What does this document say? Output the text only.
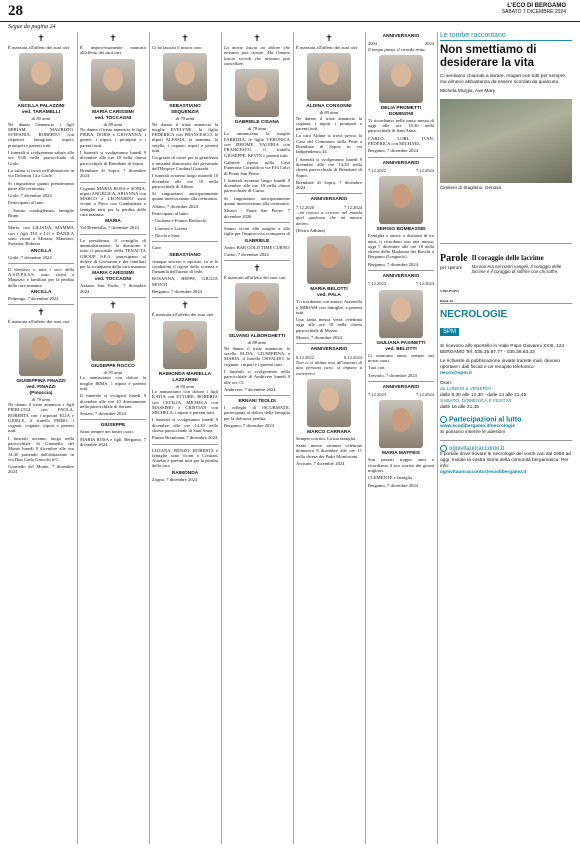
28	L'ECO DI BERGAMO
SABATO 7 DICEMBRE 2024
Segue da pagina 24
✝

È mancata all'affetto dei suoi cari

ANCILLA PALAZZINI
ved. TARAMELLI
di 85 anni

Ne danno l'annuncio i figli MIRIAM, MAURIZIO, STEFANIA, ROBERTO con rispettivi famigliari, nipoti, pronipoti e parenti tutti.

I funerali si svolgeranno sabato alle ore 9,00 nella parrocchiale di Gorle.

La salma si trova nell'abitazione in via Dolomiti 14 a Gorle.

Si ringraziano quanti prenderanno parte alla cerimonia.

Gorle, 7 dicembre 2024

Partecipano al lutto

- Sonito condoglianza, famiglie Bruni

Mario, con LILIANA, MAMMA con i figli TIA e LO e DANILA sono vicini a Miriam, Maurizio, Stefania, Roberto

ANCILLA

Gorle, 7 dicembre 2024

Il direttivo e tutti i soci della A.S.D.P.S.S.S. sono vicini a Maurizio e familiari per la perdita della cara mamma

ANCILLA

Pedrengo, 7 dicembre 2024

✝

È mancata all'affetto dei suoi cari

GIUSEPPINA FINAZZI
ved. FINAZZI
(Pinuccia)
di 79 anni

Ne danno il triste annuncio i figli PIERLUIGI con PAOLA, ROBERTA con i nipotini ELIA e GIOELE, il fratello PIERO, i cognati, cognate, nipoti e parenti tutti.

I funerali avranno luogo nella parrocchiale di Grumello del Monte lunedì 9 dicembre alle ore 14,30 partendo dall'abitazione in via Don Carlo Gnocchi 6/C.

Gromello del Monte, 7 dicembre 2024

✝

È improvvisamente mancato all'affetto dei suoi cari

MARIA CARISSIMI
ved. TOCCAGNI
di 89 anni

Ne danno il triste annuncio le figlie PIERA, DORIS e GIOVANNA, i generi, i nipoti, i pronipoti e i parenti tutti.

I funerali si svolgeranno lunedì 9 dicembre alle ore 10 nella chiesa parrocchiale di Brembate di Sopra.

Brembate di Sopra, 7 dicembre 2024

Cognate MARIA ROSA e SONIA, nipoti ANGELICA, ARIANNA con MARCO e LEONARDO sono vicine a Piera con Gianbattista e famiglie tutti per la perdita della cara mamma

MARIA

Val Brembilla, 7 dicembre 2024

La presidenza, il consiglio di amministrazione, la direzione e tutto il personale della TENACTA GROUP S.P.A. partecipano al dolore di Giovanna e dei familiari per la scomparsa della cara mamma

MARIA CARISSIMI
ved. TOCCAGNI

Azzano San Paolo, 7 dicembre 2024

✝
GIUSEPPE ROCCO
di 95 anni

Lo annunciano con dolore la moglie IRMA, i nipoti e parenti tutti.

Il funerale si svolgerà lunedì 9 dicembre alle ore 10 direttamente nella parrocchiale di Seriate.

Seriate, 7 dicembre 2024

GIUSEPPE

Sarai sempre nei nostri cuori.

MARIA ROSA e figli. Bergamo, 7 dicembre 2024

✝

Ci ha lasciati il nostro caro

SEBASTIANO
SEQUENZIA
di 79 anni

Ne danno il triste annuncio la moglie EVELYNE, la figlia FEDERICA con FRANCESCO, le nipoti ALESSIA, la mamma, la sorella, i cognati, nipoti e parenti tutti.

Un grazie di cuore per la gentilezza e umanità dimostrata dal personale dell'Hospice Cardinal Guzzetti.

I funerali avranno luogo martedì 10 dicembre alle ore 10 nella parrocchiale di Albino.

Si ringraziano anticipatamente quanti interverranno alla cerimonia.

Albino, 7 dicembre 2024

Partecipano al lutto:

- Giuliana e Franco Berlucchi

- Lorenzo e Lorena

- Nicola e Sara

Caro

SEBASTIANO

ciunque sincero e squisito, tu te le condizioni il rigore della scienza e l'umanità dell'uomo di fede.

ROSANNA, BEPPE, GIULIA MONTI

Bergamo, 7 dicembre 2024

✝

È mancata all'affetto dei suoi cari

RAIMONDA MARIELLA
LAZZARINI
di 90 anni

Lo annunciano con dolore i figli KATIA con ETTORE, ROBERTA con CECILIA, MICHELA con MASSIMO e CRISTIAN con MICHELA, i nipoti e parenti tutti.

I funerali si svolgeranno lunedì 9 dicembre alle ore 14,30 nella chiesa parrocchiale di Sant'Anna.

Piazza Brembana, 7 dicembre 2024

LILIANA, RENZO, ROBERTA e famiglie sono vicini a Cristian, Aurelio e parenti tutti per la perdita della cara

RAIMONDA

Zogno, 7 dicembre 2024

✝

La morte lascia un dolore che nessuno può curare. Ma l'amore lascia ricordi che nessuno può cancellare.

GABRIELE CISANA
di 78 anni

Lo annunciano la moglie FABRIZIA, le figlie VERONICA con JEROME, VALERIA con FRANCESCO, il fratello GIUSEPPE, KEVIN e parenti tutti.

Gabriele riposa nella Casa Funeraria Cornoldi in via F.lli Calvi di Ponte San Pietro.

I funerali avranno luogo lunedì 9 dicembre alle ore 10 nella chiesa parrocchiale di Curno.

Si ringraziano anticipatamente quanti interverranno alla cerimonia.

Mozzo - Ponte San Pietro, 7 dicembre 2026

Siamo vicini alle moglie e alle figlie per l'improvvisa scomparsa di

GABRIELE

Amici BAR GOLD TIME CURNO

Curno, 7 dicembre 2024

✝

È mancato all'affetto dei suoi cari

SILVANO ALBORGHETTI
di 88 anni

Ne danno il triste annuncio: le sorelle ELDA, GIUSEPPINA e MARIA, il fratello OSVALDO, le cognate, i nipoti e i parenti tutti.

I funerali si svolgeranno nella parrocchiale di Ambivere lunedì 9 alle ore 15.

Ambivere, 7 dicembre 2024

ERNANI TEOLDI

I colleghi di ISCURMATIC partecipano al dolore della famiglia per la dolorosa perdita.

Bergamo, 7 dicembre 2024

✝

È mancata all'affetto dei suoi cari

ALDINA CONSONNI
di 85 anni

Ne danno il triste annuncio la cognata, i nipoti, i pronipoti e parenti tutti.

La cara Aldina si trova presso la Casa del Commiato della Feda a Brembate di Sopra, in via Indipendenza 34.

I funerali si svolgeranno lunedì 9 dicembre alle ore 14,30 nella chiesa parrocchiale di Brembate di Sopra.

Brembate di Sopra, 7 dicembre 2024

ANNIVERSARIO
7.12.2020	7.12.2024

...mi ritrovo a cercare nel mondo quel qualcosa che mi manca dentro.

(Elvira Adhimi)

MARIA BELOTTI
ved. PALA

Ti ricordiamo con amore, Antonella e MIRIAM con famiglie, e parenti tutti.

Una santa messa verrà celebrata oggi alle ore 18 nella chiesa parrocchiale di Mozzo.

Mozzo, 7 dicembre 2024

ANNIVERSARIO
6.12.2022	6.12.2024

Non ci si abitua mai all'assenza di una persona cara, si impara a conviverci.

MARCO CARRARA

Sempre con noi. La tua famiglia.

Sante messe saranno celebrate domenica 8 dicembre alle ore 11 nella chiesa dei Padri Monfortani.

Arcisate, 7 dicembre 2024

ANNIVERSARIO
2004	2024

Il tempo passa, il ricordo resta.

DELIA PROMETTI
DOMINONI

Ti ricordiamo nella santa messa di oggi alle ore 18,30 nella parrocchiale di Sant'Anna.

CARLO, LORI, IVAN, FEDERICA con MICHAEL.

Bergamo, 7 dicembre 2024

ANNIVERSARIO
7.12.2022	7.12.2024
SERGIO BOMBASSEI

Famiglia e amici, a distanza di tre anni, ti ricordano con una messa, oggi 7 dicembre alle ore 18 nella chiesa della Madonna dei Boschi a Bergamo (Longuelo).

Bergamo, 7 dicembre 2024

ANNIVERSARIO
7.12.2023	7.12.2024
GIULIANA PASINETTI
ved. BELOTTI

Ci mancano tanto, sempre nei nostri cuori.

Tuoi cari

Treviolo, 7 dicembre 2024

ANNIVERSARIO
7.12.2023	7.12.2024
MARIA MAFFEIS

Son passati troppo anni e ricordiamo il tuo sorriso dei giorni migliori.

CLEMENTE e famiglia.

Bergamo, 7 dicembre 2024

Le tombe raccontano
Non smettiamo di desiderare la vita
Ci sentiamo chiamati a durare, magari non tutti per sempre, ma almeno abbastanza da essere ricordati da qualcuno.
Michela Murgia, Ave Mary
Cimitero di Staglieno, Genova
Parole
per sperare
VINCENZO PAGLIA
Il coraggio delle lacrime
Ma non era nei nostri vangeli. Il coraggio delle lacrime è il coraggio di soffrire con chi soffre.
NECROLOGIE
SPM

Si ricevono allo sportello in Viale Papa Giovanni XXIII, 124 - BERGAMO Tel. 035.35.87.77 - 035.38.63.33

Le richieste di pubblicazione inviate tramite mail, devono riportare i dati fiscali e un recapito telefonico

necro@spm.it

Orari:

da LUNEDÌ a VENERDÌ

dalle 8,30 alle 12,30 - dalle 14 alle 21,45

SABATO, DOMENICA E FESTIVI

dalle 16 alle 21,45

Partecipazioni al lutto

www.ecodibergamo.it/necrologie

Si possono inserire le adesioni

ognivitaunracconto.it

Il portale dove trovare le necrologie dei vostri cari dal 1950 ad oggi. Inviate la vostra storia della comunità bergamasca. Per info:

ognivitaunracconto@ecodibergamo.it
